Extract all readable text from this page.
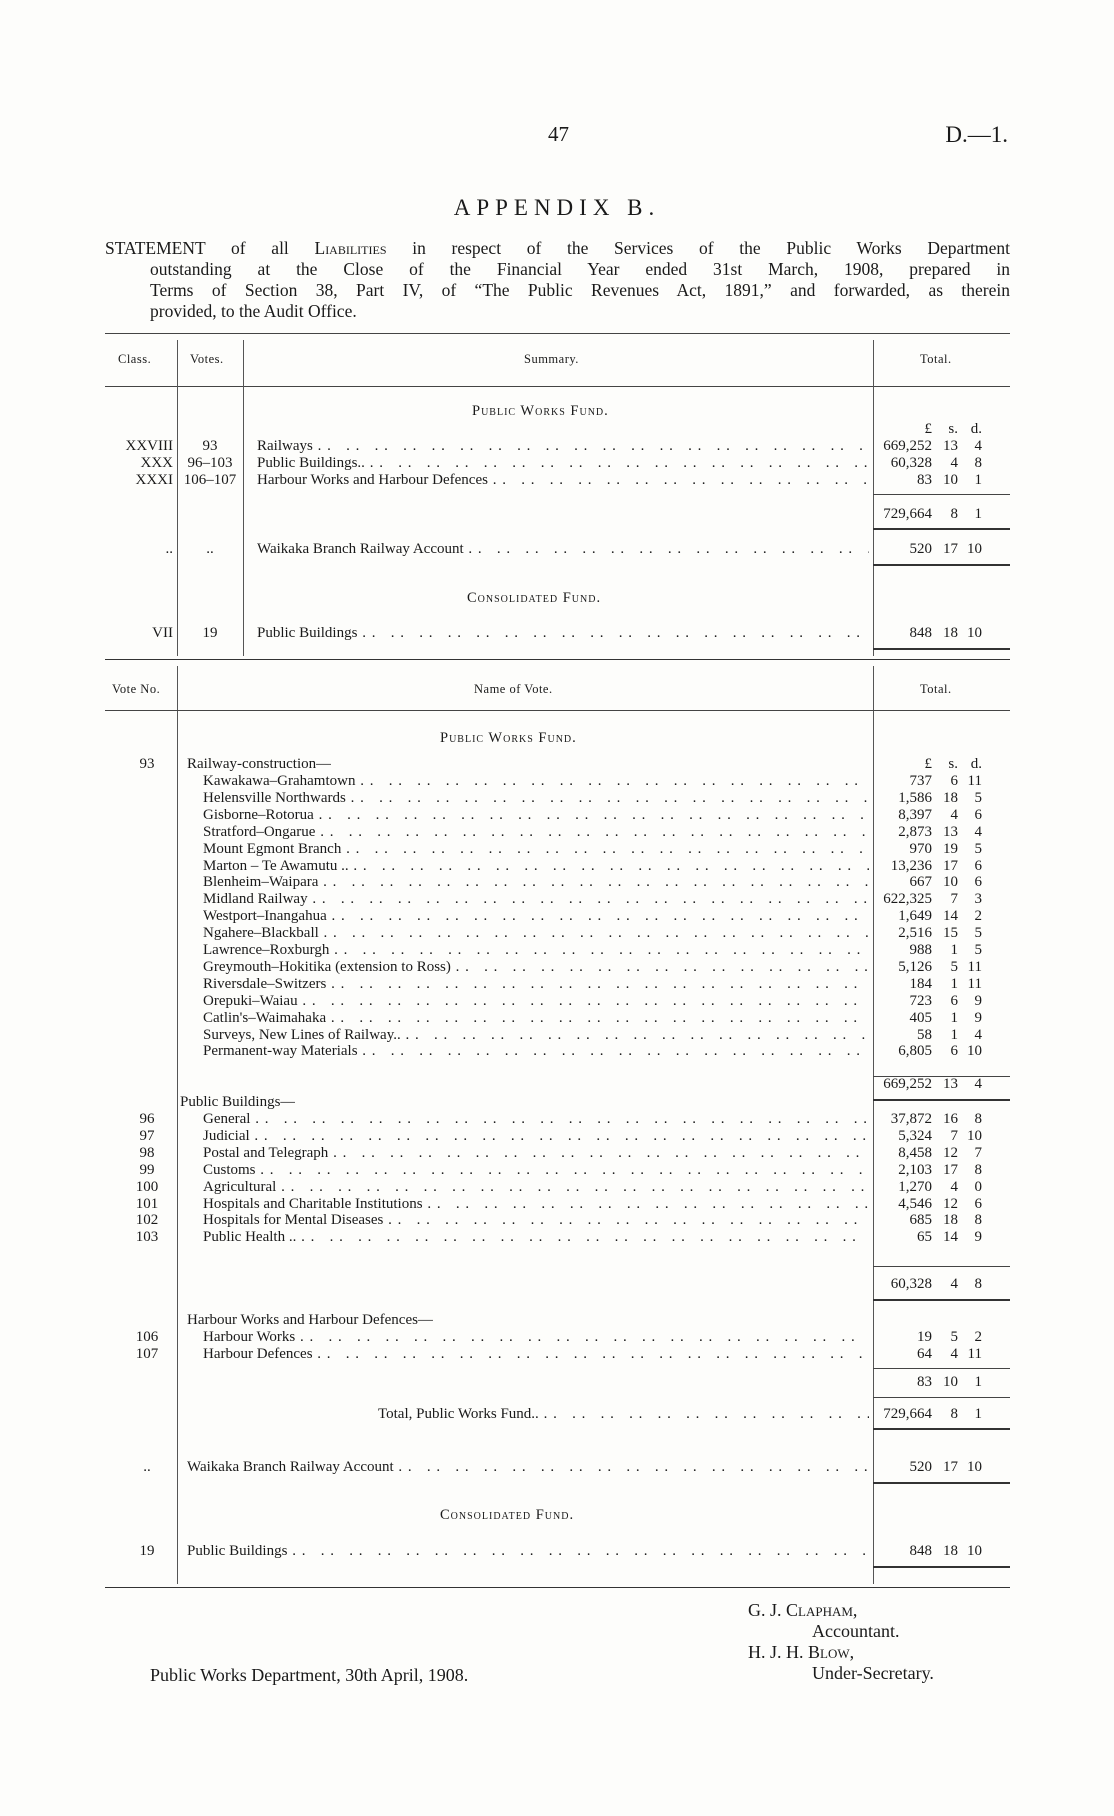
47	D.—1.
APPENDIX B.
STATEMENT of all Liabilities in respect of the Services of the Public Works Department
outstanding at the Close of the Financial Year ended 31st March, 1908, prepared in
Terms of Section 38, Part IV, of “The Public Revenues Act, 1891,” and forwarded, as therein
provided, to the Audit Office.
Class.	Votes.	Summary.	Total.
Public Works Fund.
£ s. d.
XXVIII	93	Railways . .	669,252 13 4
XXX 96–103	Public Buildings.. . .	60,328 4 8
XXXI 106–107	Harbour Works and Harbour Defences . .	83 10 1
729,664 8 1
..	..	Waikaka Branch Railway Account . .	520 17 10
Consolidated Fund.
VII	19	Public Buildings . .	848 18 10
Vote No.	Name of Vote.	Total.
Public Works Fund.
93	Railway-construction—	£ s. d.
Kawakawa–Grahamtown . .	737 6 11
Helensville Northwards . .	1,586 18 5
Gisborne–Rotorua . .	8,397 4 6
Stratford–Ongarue . .	2,873 13 4
Mount Egmont Branch . .	970 19 5
Marton – Te Awamutu .. . .	13,236 17 6
Blenheim–Waipara . .	667 10 6
Midland Railway . .	622,325 7 3
Westport–Inangahua . .	1,649 14 2
Ngahere–Blackball . .	2,516 15 5
Lawrence–Roxburgh . .	988 1 5
Greymouth–Hokitika (extension to Ross) . .	5,126 5 11
Riversdale–Switzers . .	184 1 11
Orepuki–Waiau . .	723 6 9
Catlin's–Waimahaka . .	405 1 9
Surveys, New Lines of Railway.. . .	58 1 4
Permanent-way Materials . .	6,805 6 10
669,252 13 4
Public Buildings—
96	General . .	37,872 16 8
97	Judicial . .	5,324 7 10
98	Postal and Telegraph . .	8,458 12 7
99	Customs . .	2,103 17 8
100	Agricultural . .	1,270 4 0
101	Hospitals and Charitable Institutions . .	4,546 12 6
102	Hospitals for Mental Diseases . .	685 18 8
103	Public Health .. . .	65 14 9
60,328 4 8
Harbour Works and Harbour Defences—
106	Harbour Works . .	19 5 2
107	Harbour Defences . .	64 4 11
83 10 1
Total, Public Works Fund.. . .	729,664 8 1
..	Waikaka Branch Railway Account . .	520 17 10
Consolidated Fund.
19	Public Buildings . .	848 18 10
G. J. Clapham,
Accountant.
H. J. H. Blow,
Under-Secretary.
Public Works Department, 30th April, 1908.
